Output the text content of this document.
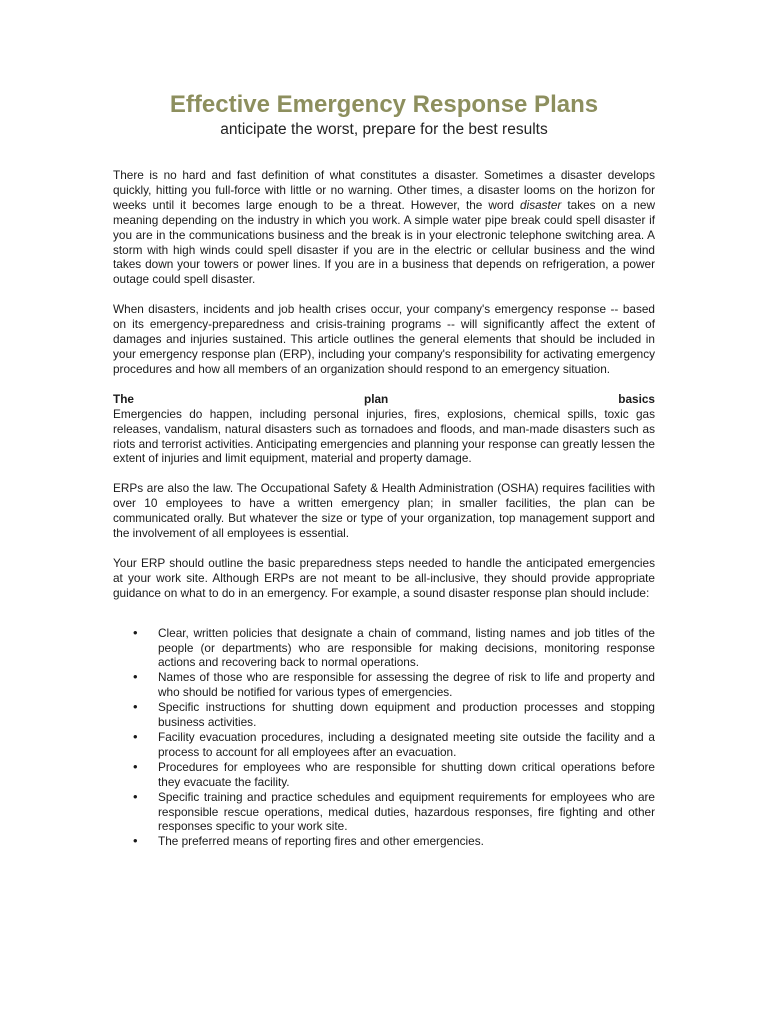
Effective Emergency Response Plans
anticipate the worst, prepare for the best results

There is no hard and fast definition of what constitutes a disaster. Sometimes a disaster develops quickly, hitting you full-force with little or no warning. Other times, a disaster looms on the horizon for weeks until it becomes large enough to be a threat. However, the word disaster takes on a new meaning depending on the industry in which you work. A simple water pipe break could spell disaster if you are in the communications business and the break is in your electronic telephone switching area. A storm with high winds could spell disaster if you are in the electric or cellular business and the wind takes down your towers or power lines. If you are in a business that depends on refrigeration, a power outage could spell disaster.

When disasters, incidents and job health crises occur, your company's emergency response -- based on its emergency-preparedness and crisis-training programs -- will significantly affect the extent of damages and injuries sustained. This article outlines the general elements that should be included in your emergency response plan (ERP), including your company's responsibility for activating emergency procedures and how all members of an organization should respond to an emergency situation.

The	plan	basics

Emergencies do happen, including personal injuries, fires, explosions, chemical spills, toxic gas releases, vandalism, natural disasters such as tornadoes and floods, and man-made disasters such as riots and terrorist activities. Anticipating emergencies and planning your response can greatly lessen the extent of injuries and limit equipment, material and property damage.

ERPs are also the law. The Occupational Safety & Health Administration (OSHA) requires facilities with over 10 employees to have a written emergency plan; in smaller facilities, the plan can be communicated orally. But whatever the size or type of your organization, top management support and the involvement of all employees is essential.

Your ERP should outline the basic preparedness steps needed to handle the anticipated emergencies at your work site. Although ERPs are not meant to be all-inclusive, they should provide appropriate guidance on what to do in an emergency. For example, a sound disaster response plan should include:

• Clear, written policies that designate a chain of command, listing names and job titles of the people (or departments) who are responsible for making decisions, monitoring response actions and recovering back to normal operations.
• Names of those who are responsible for assessing the degree of risk to life and property and who should be notified for various types of emergencies.
• Specific instructions for shutting down equipment and production processes and stopping business activities.
• Facility evacuation procedures, including a designated meeting site outside the facility and a process to account for all employees after an evacuation.
• Procedures for employees who are responsible for shutting down critical operations before they evacuate the facility.
• Specific training and practice schedules and equipment requirements for employees who are responsible rescue operations, medical duties, hazardous responses, fire fighting and other responses specific to your work site.
• The preferred means of reporting fires and other emergencies.
